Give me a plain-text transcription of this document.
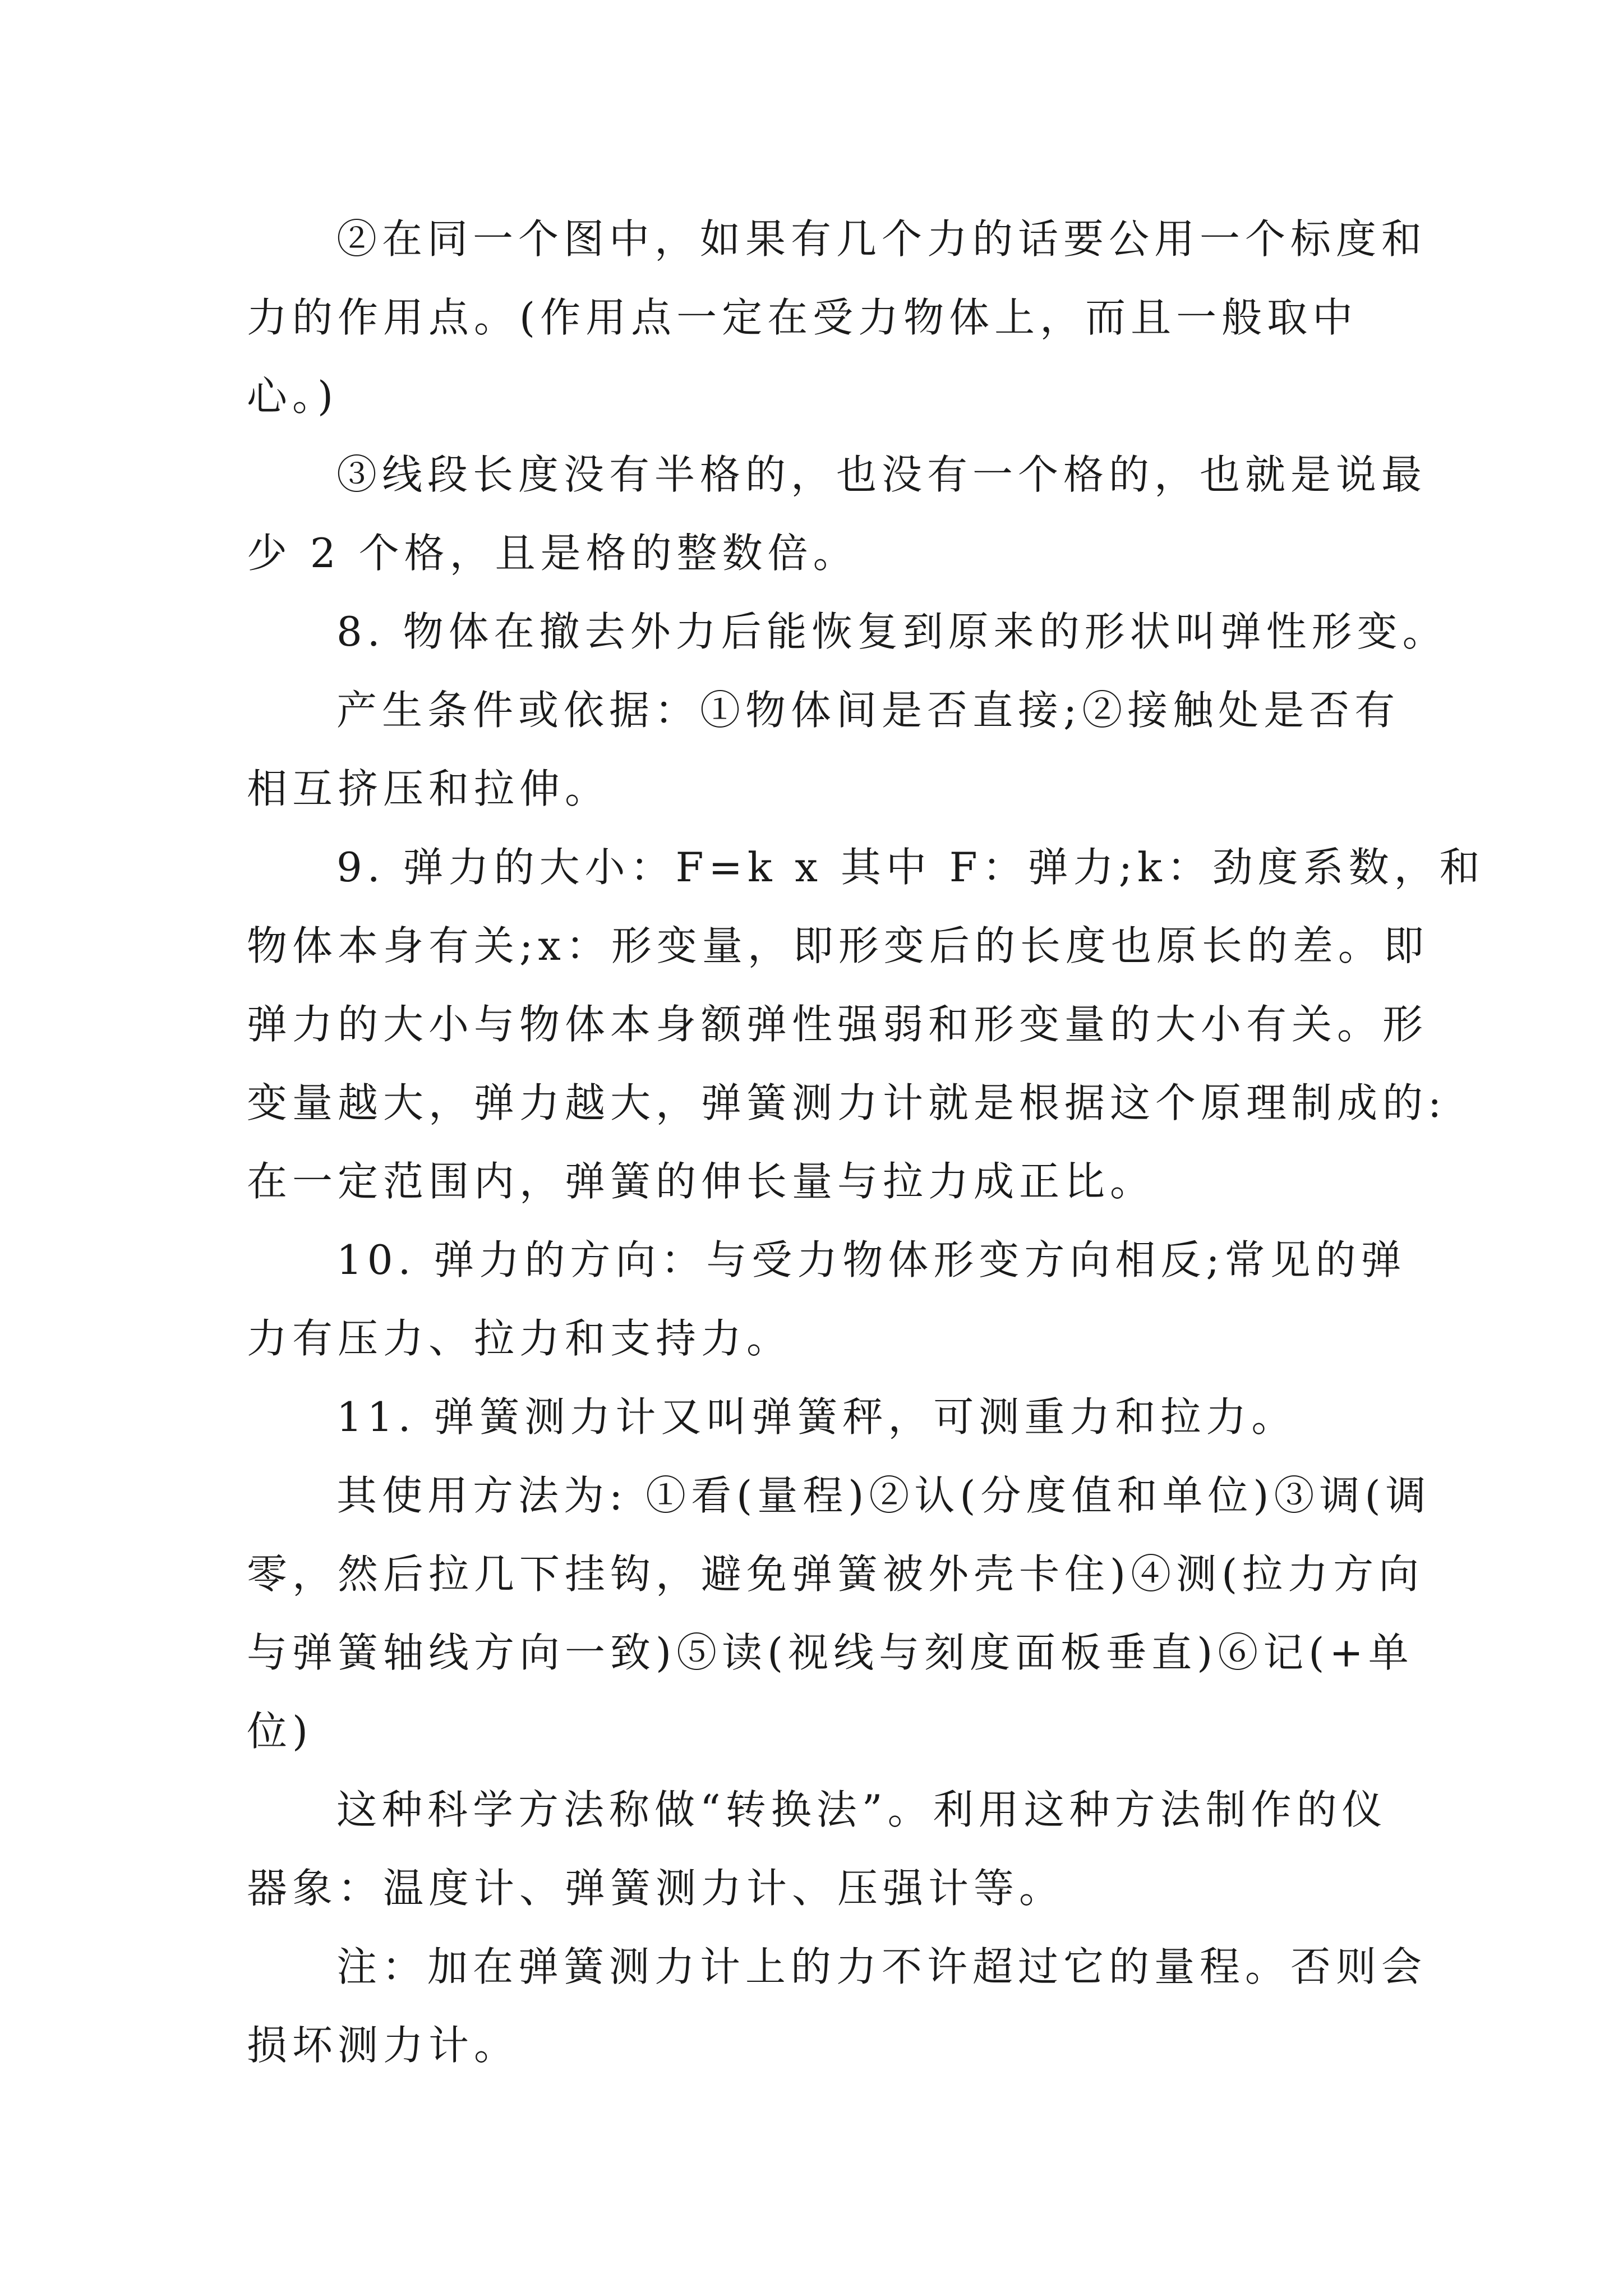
②在同一个图中，如果有几个力的话要公用一个标度和
力的作用点。(作用点一定在受力物体上，而且一般取中
心。)
③线段长度没有半格的，也没有一个格的，也就是说最
少 2 个格，且是格的整数倍。
8. 物体在撤去外力后能恢复到原来的形状叫弹性形变。
产生条件或依据：①物体间是否直接;②接触处是否有
相互挤压和拉伸。
9. 弹力的大小：F=k x 其中 F：弹力;k：劲度系数，和
物体本身有关;x：形变量，即形变后的长度也原长的差。即
弹力的大小与物体本身额弹性强弱和形变量的大小有关。形
变量越大，弹力越大，弹簧测力计就是根据这个原理制成的:
在一定范围内，弹簧的伸长量与拉力成正比。
10. 弹力的方向：与受力物体形变方向相反;常见的弹
力有压力、拉力和支持力。
11. 弹簧测力计又叫弹簧秤，可测重力和拉力。
其使用方法为: ①看(量程)②认(分度值和单位)③调(调
零，然后拉几下挂钩，避免弹簧被外壳卡住)④测(拉力方向
与弹簧轴线方向一致)⑤读(视线与刻度面板垂直)⑥记(+单
位)
这种科学方法称做“转换法”。利用这种方法制作的仪
器象：温度计、弹簧测力计、压强计等。
注：加在弹簧测力计上的力不许超过它的量程。否则会
损坏测力计。
